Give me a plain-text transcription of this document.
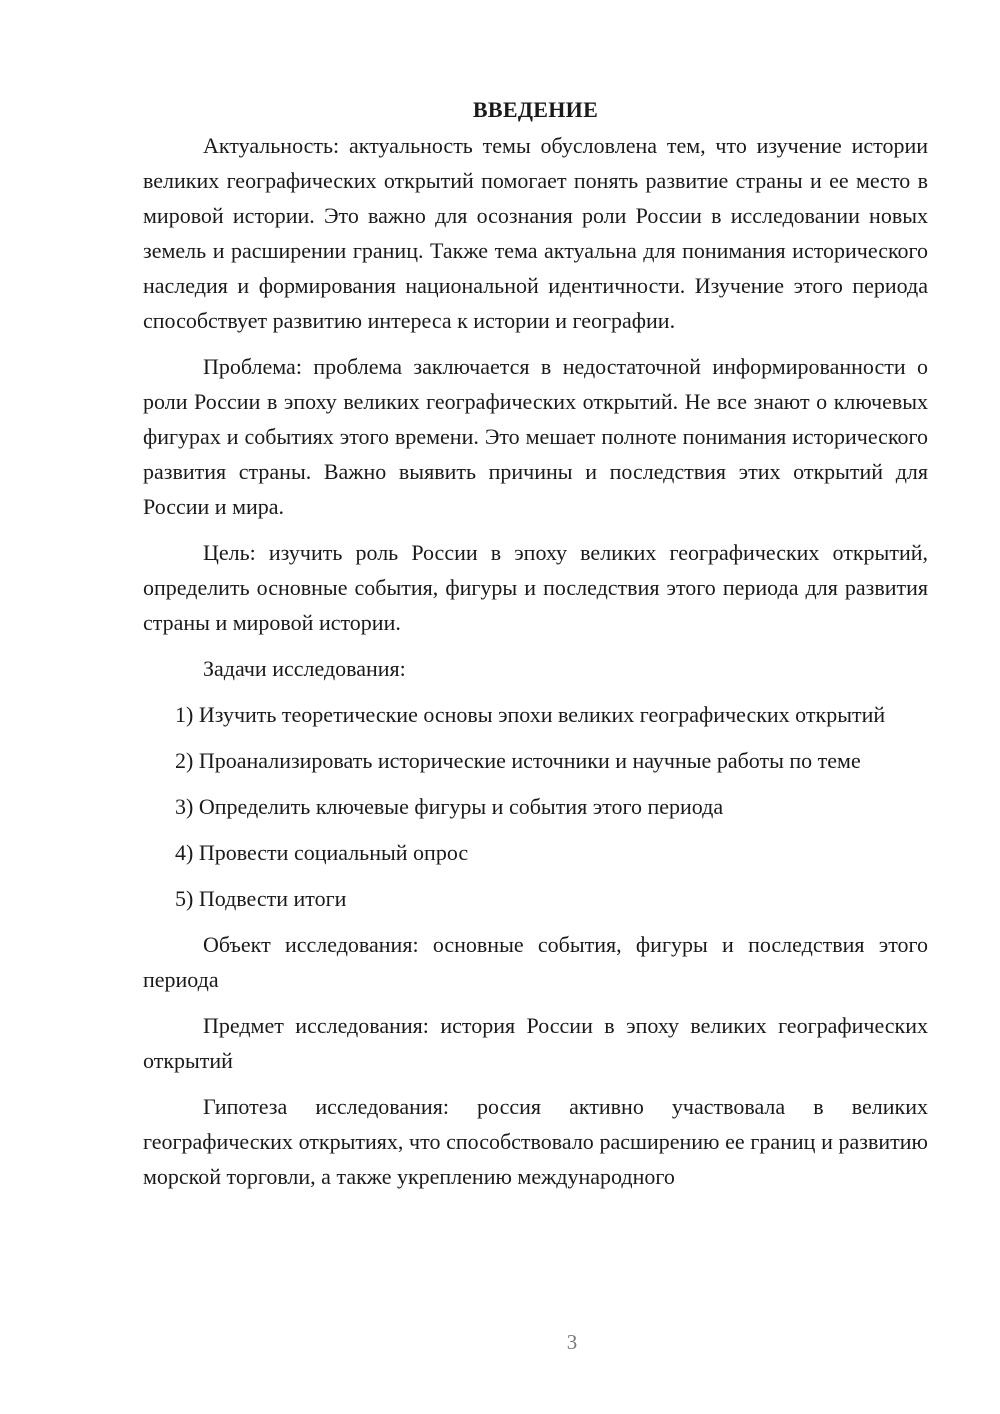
ВВЕДЕНИЕ

Актуальность: актуальность темы обусловлена тем, что изучение истории великих географических открытий помогает понять развитие страны и ее место в мировой истории. Это важно для осознания роли России в исследовании новых земель и расширении границ. Также тема актуальна для понимания исторического наследия и формирования национальной идентичности. Изучение этого периода способствует развитию интереса к истории и географии.

Проблема: проблема заключается в недостаточной информированности о роли России в эпоху великих географических открытий. Не все знают о ключевых фигурах и событиях этого времени. Это мешает полноте понимания исторического развития страны. Важно выявить причины и последствия этих открытий для России и мира.

Цель: изучить роль России в эпоху великих географических открытий, определить основные события, фигуры и последствия этого периода для развития страны и мировой истории.

Задачи исследования:

1) Изучить теоретические основы эпохи великих географических открытий

2) Проанализировать исторические источники и научные работы по теме

3) Определить ключевые фигуры и события этого периода

4) Провести социальный опрос

5) Подвести итоги

Объект исследования: основные события, фигуры и последствия этого периода

Предмет исследования: история России в эпоху великих географических открытий

Гипотеза исследования: россия активно участвовала в великих географических открытиях, что способствовало расширению ее границ и развитию морской торговли, а также укреплению международного

3
